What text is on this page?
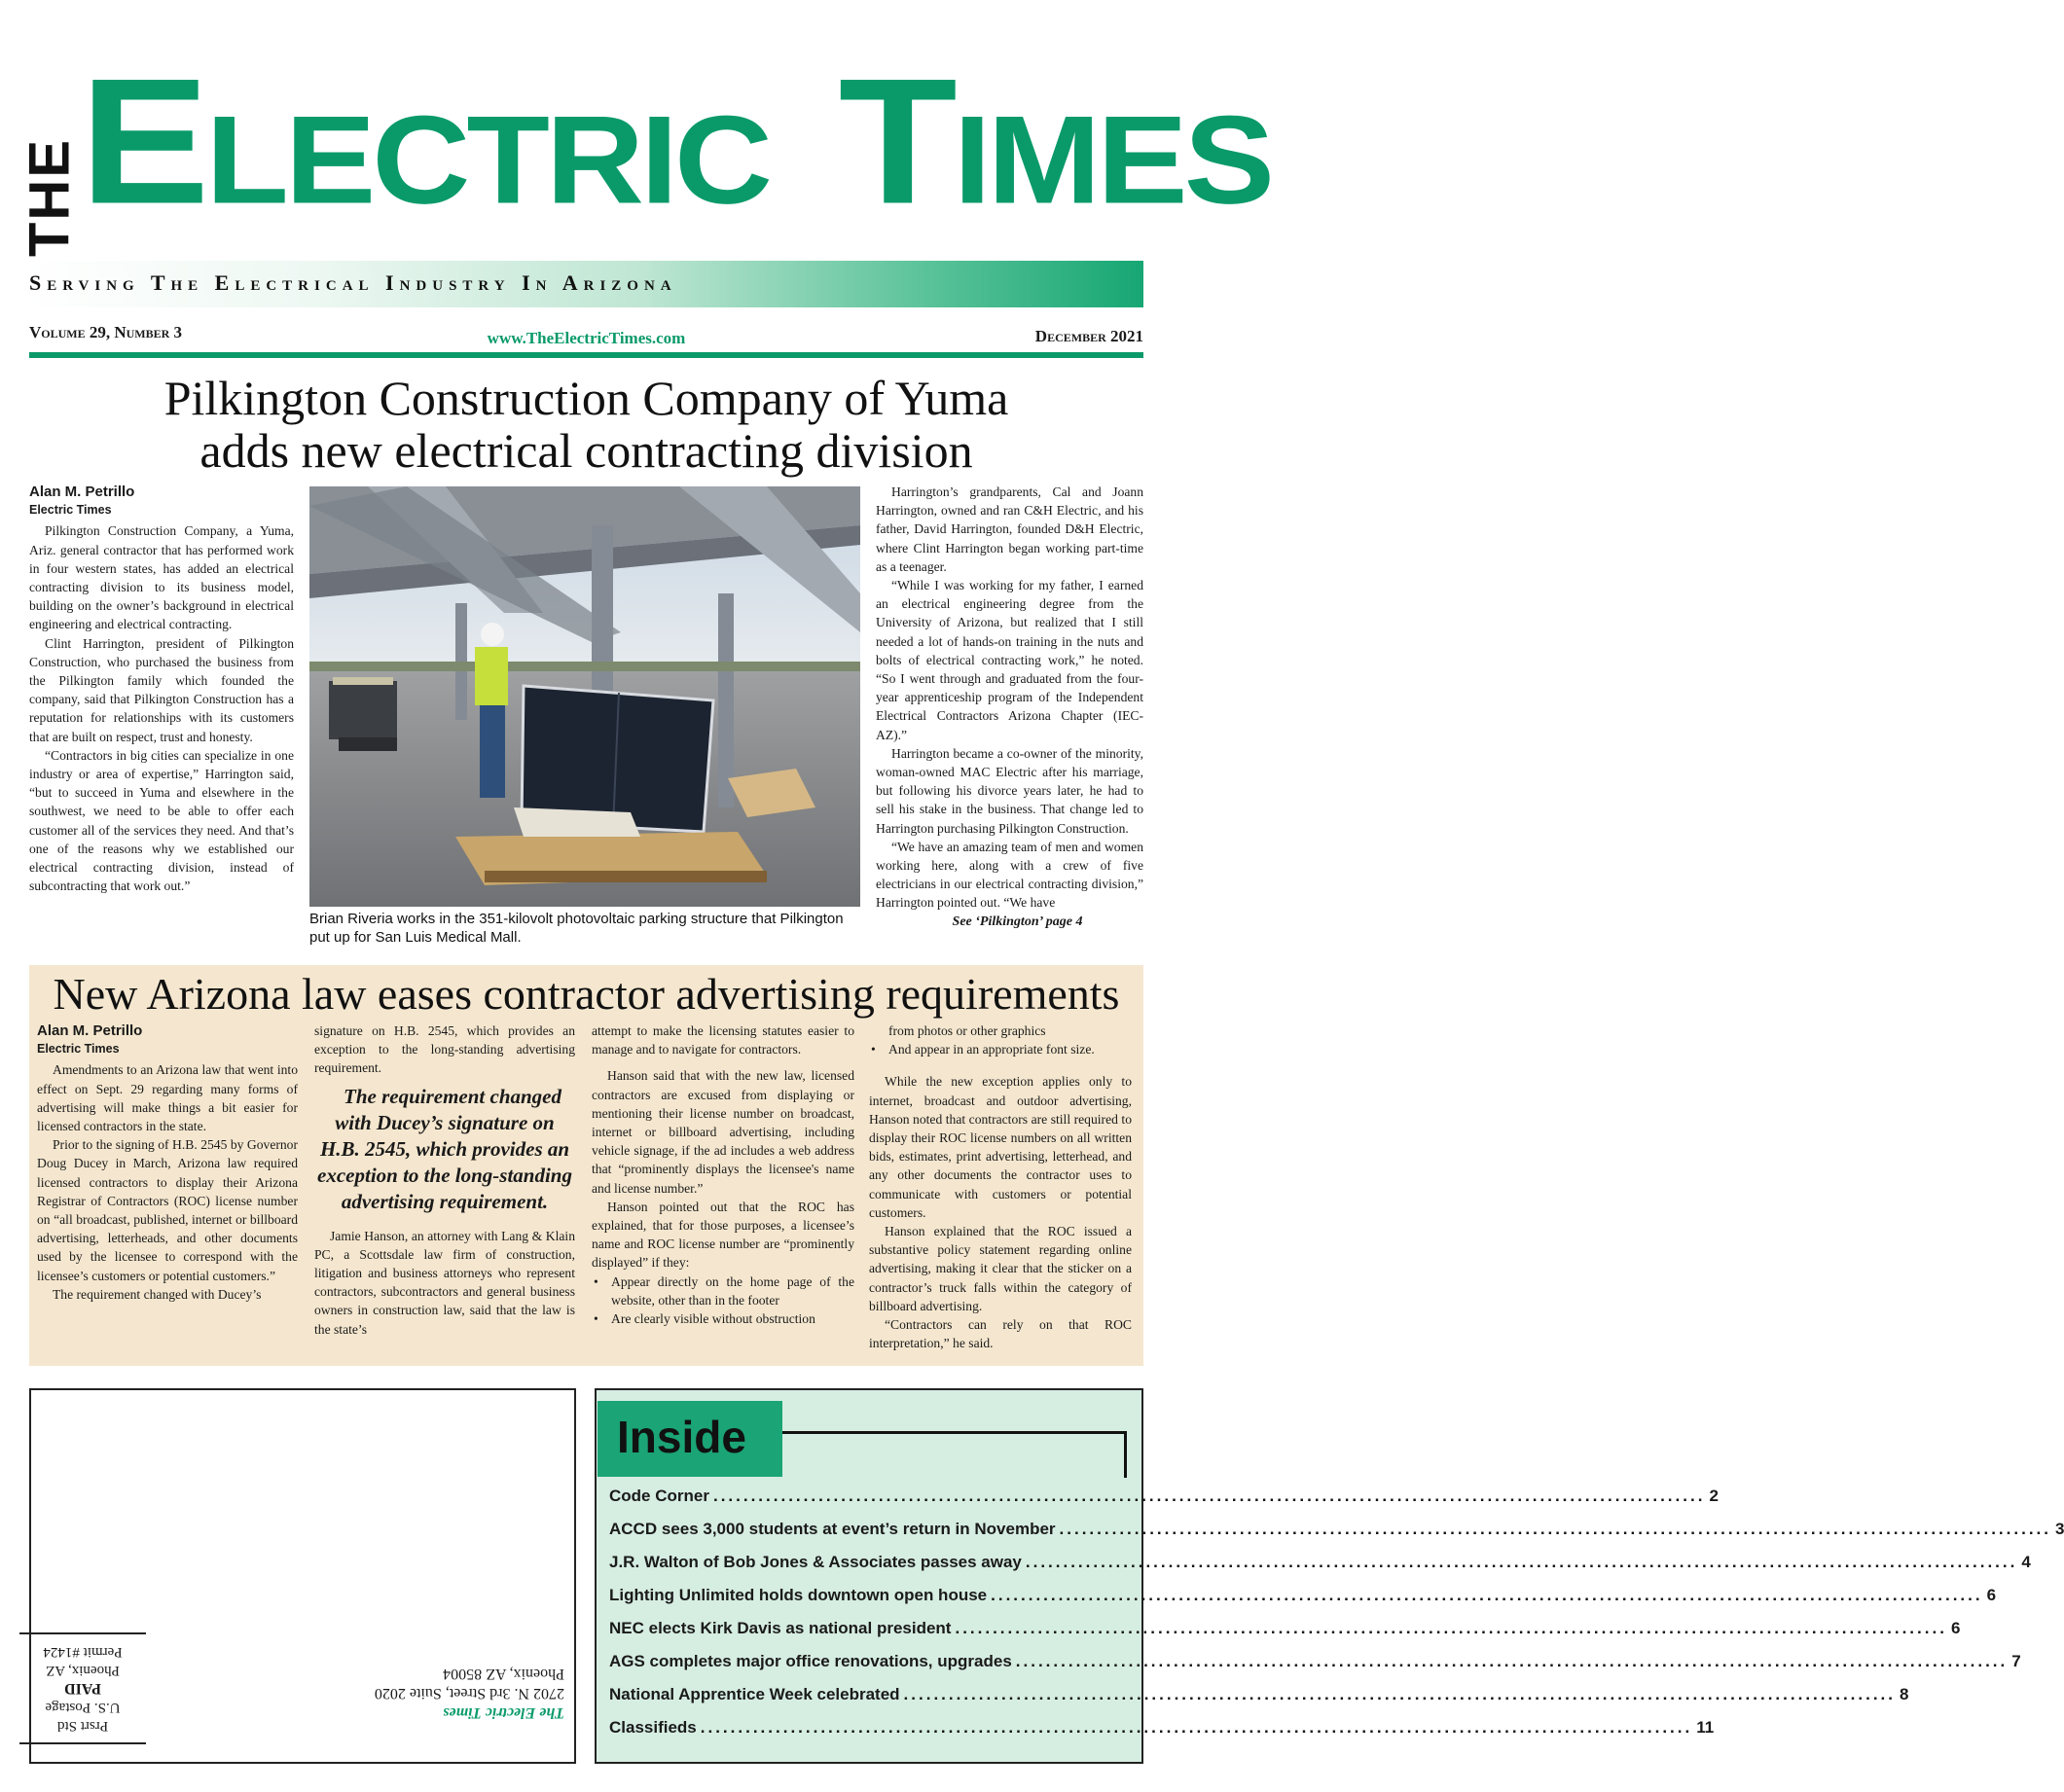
THE
ELECTRIC TIMES
Serving The Electrical Industry In Arizona
Volume 29, Number 3	www.TheElectricTimes.com	December 2021
Pilkington Construction Company of Yuma
adds new electrical contracting division
Alan M. Petrillo
Electric Times

Pilkington Construction Company, a Yuma, Ariz. general contractor that has performed work in four western states, has added an electrical contracting division to its business model, building on the owner’s background in electrical engineering and electrical contracting.

Clint Harrington, president of Pilkington Construction, who purchased the business from the Pilkington family which founded the company, said that Pilkington Construction has a reputation for relationships with its customers that are built on respect, trust and honesty.

“Contractors in big cities can specialize in one industry or area of expertise,” Harrington said, “but to succeed in Yuma and elsewhere in the southwest, we need to be able to offer each customer all of the services they need. And that’s one of the reasons why we established our electrical contracting division, instead of subcontracting that work out.”

Brian Riveria works in the 351-kilovolt photovoltaic parking structure that Pilkington put up for San Luis Medical Mall.

Harrington’s grandparents, Cal and Joann Harrington, owned and ran C&H Electric, and his father, David Harrington, founded D&H Electric, where Clint Harrington began working part-time as a teenager.

“While I was working for my father, I earned an electrical engineering degree from the University of Arizona, but realized that I still needed a lot of hands-on training in the nuts and bolts of electrical contracting work,” he noted. “So I went through and graduated from the four-year apprenticeship program of the Independent Electrical Contractors Arizona Chapter (IEC-AZ).”

Harrington became a co-owner of the minority, woman-owned MAC Electric after his marriage, but following his divorce years later, he had to sell his stake in the business. That change led to Harrington purchasing Pilkington Construction.

“We have an amazing team of men and women working here, along with a crew of five electricians in our electrical contracting division,” Harrington pointed out. “We have

See ‘Pilkington’ page 4

New Arizona law eases contractor advertising requirements
Alan M. Petrillo
Electric Times

Amendments to an Arizona law that went into effect on Sept. 29 regarding many forms of advertising will make things a bit easier for licensed contractors in the state.

Prior to the signing of H.B. 2545 by Governor Doug Ducey in March, Arizona law required licensed contractors to display their Arizona Registrar of Contractors (ROC) license number on “all broadcast, published, internet or billboard advertising, letterheads, and other documents used by the licensee to correspond with the licensee’s customers or potential customers.”

The requirement changed with Ducey’s

signature on H.B. 2545, which provides an exception to the long-standing advertising requirement.

The requirement changed with Ducey’s signature on H.B. 2545, which provides an exception to the long-standing advertising requirement.

Jamie Hanson, an attorney with Lang & Klain PC, a Scottsdale law firm of construction, litigation and business attorneys who represent contractors, subcontractors and general business owners in construction law, said that the law is the state’s

attempt to make the licensing statutes easier to manage and to navigate for contractors.

Hanson said that with the new law, licensed contractors are excused from displaying or mentioning their license number on broadcast, internet or billboard advertising, including vehicle signage, if the ad includes a web address that “prominently displays the licensee's name and license number.”

Hanson pointed out that the ROC has explained, that for those purposes, a licensee’s name and ROC license number are “prominently displayed” if they:

• Appear directly on the home page of the website, other than in the footer
• Are clearly visible without obstruction

from photos or other graphics

• And appear in an appropriate font size.

While the new exception applies only to internet, broadcast and outdoor advertising, Hanson noted that contractors are still required to display their ROC license numbers on all written bids, estimates, print advertising, letterhead, and any other documents the contractor uses to communicate with customers or potential customers.

Hanson explained that the ROC issued a substantive policy statement regarding online advertising, making it clear that the sticker on a contractor’s truck falls within the category of billboard advertising.

“Contractors can rely on that ROC interpretation,” he said.

Prsrt Std
U.S. Postage
PAID
Phoenix, AZ
Permit #1424
The Electric Times
2702 N. 3rd Street, Suite 2020
Phoenix, AZ 85004
Inside
Code Corner .....	2
ACCD sees 3,000 students at event’s return in November .....	3
J.R. Walton of Bob Jones & Associates passes away .....	4
Lighting Unlimited holds downtown open house .....	6
NEC elects Kirk Davis as national president .....	6
AGS completes major office renovations, upgrades .....	7
National Apprentice Week celebrated .....	8
Classifieds .....	11
